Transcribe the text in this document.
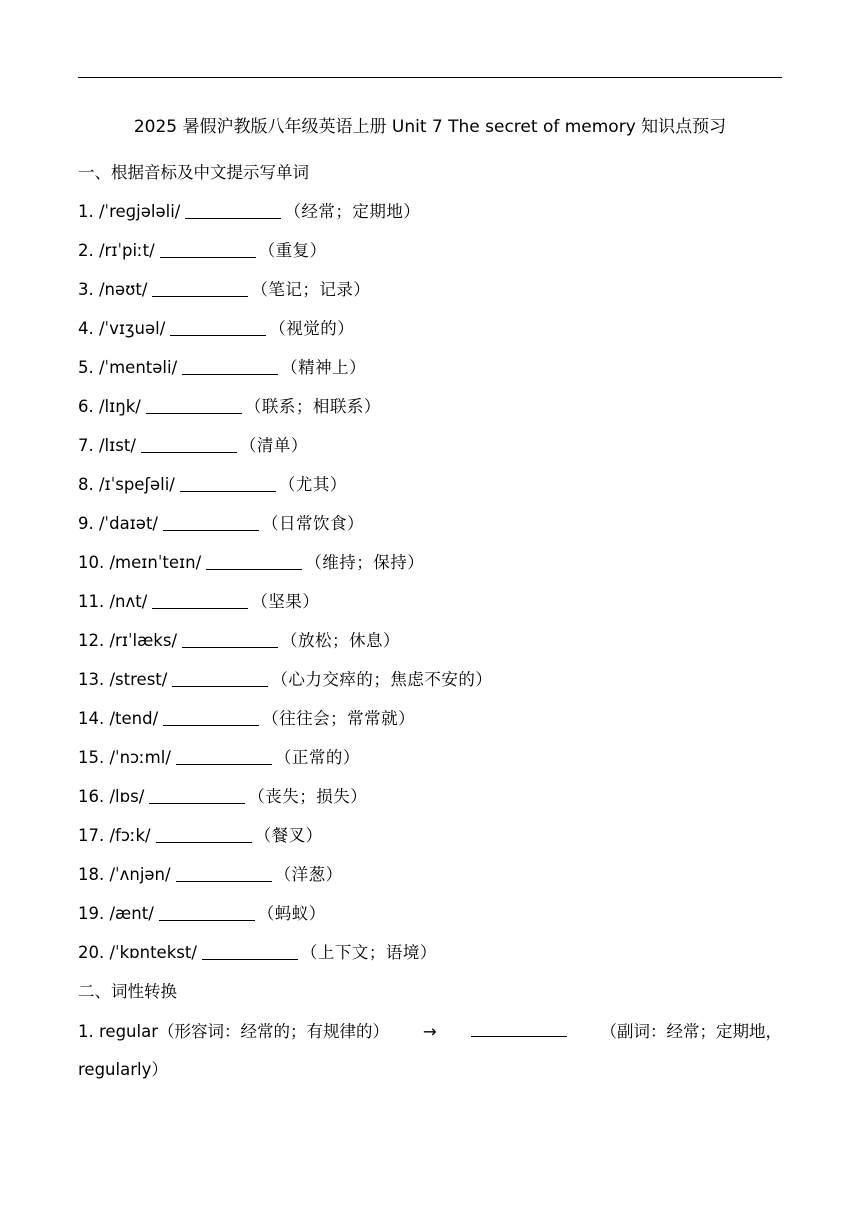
2025 暑假沪教版八年级英语上册 Unit 7 The secret of memory 知识点预习
一、根据音标及中文提示写单词
1. /ˈreɡjələli/	（经常；定期地）
2. /rɪˈpiːt/	（重复）
3. /nəʊt/	（笔记；记录）
4. /ˈvɪʒuəl/	（视觉的）
5. /ˈmentəli/	（精神上）
6. /lɪŋk/	（联系；相联系）
7. /lɪst/	（清单）
8. /ɪˈspeʃəli/	（尤其）
9. /ˈdaɪət/	（日常饮食）
10. /meɪnˈteɪn/	（维持；保持）
11. /nʌt/	（坚果）
12. /rɪˈlæks/	（放松；休息）
13. /strest/	（心力交瘁的；焦虑不安的）
14. /tend/	（往往会；常常就）
15. /ˈnɔːml/	（正常的）
16. /lɒs/	（丧失；损失）
17. /fɔːk/	（餐叉）
18. /ˈʌnjən/	（洋葱）
19. /ænt/	（蚂蚁）
20. /ˈkɒntekst/	（上下文；语境）
二、词性转换
1. regular（形容词：经常的；有规律的） →	（副词：经常；定期地，
regularly）
